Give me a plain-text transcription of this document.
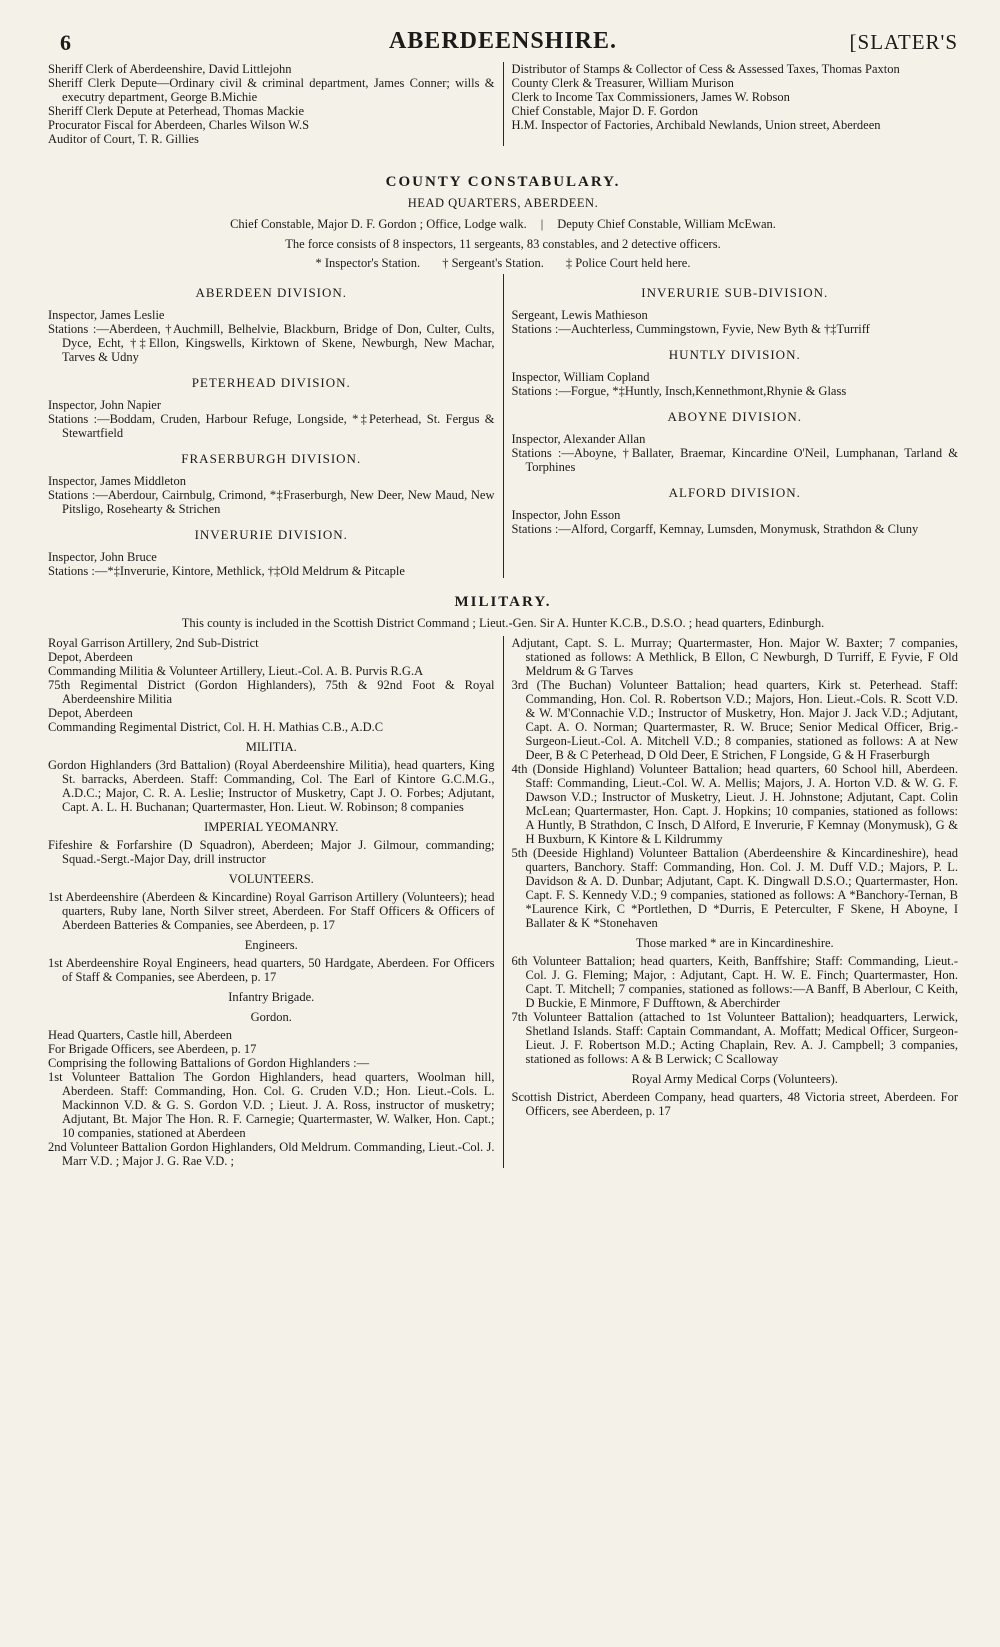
6	ABERDEENSHIRE.	[SLATER'S

Sheriff Clerk of Aberdeenshire, David Littlejohn

Sheriff Clerk Depute—Ordinary civil & criminal department, James Conner; wills & executry department, George B.Michie

Sheriff Clerk Depute at Peterhead, Thomas Mackie

Procurator Fiscal for Aberdeen, Charles Wilson W.S

Auditor of Court, T. R. Gillies

Distributor of Stamps & Collector of Cess & Assessed Taxes, Thomas Paxton

County Clerk & Treasurer, William Murison

Clerk to Income Tax Commissioners, James W. Robson

Chief Constable, Major D. F. Gordon

H.M. Inspector of Factories, Archibald Newlands, Union street, Aberdeen

COUNTY CONSTABULARY.
HEAD QUARTERS, ABERDEEN.
Chief Constable, Major D. F. Gordon ; Office, Lodge walk. | Deputy Chief Constable, William McEwan.
The force consists of 8 inspectors, 11 sergeants, 83 constables, and 2 detective officers.
* Inspector's Station. † Sergeant's Station. ‡ Police Court held here.
ABERDEEN DIVISION.

Inspector, James Leslie

Stations :—Aberdeen, †Auchmill, Belhelvie, Blackburn, Bridge of Don, Culter, Cults, Dyce, Echt, †‡Ellon, Kingswells, Kirktown of Skene, Newburgh, New Machar, Tarves & Udny

PETERHEAD DIVISION.

Inspector, John Napier

Stations :—Boddam, Cruden, Harbour Refuge, Longside, *‡Peterhead, St. Fergus & Stewartfield

FRASERBURGH DIVISION.

Inspector, James Middleton

Stations :—Aberdour, Cairnbulg, Crimond, *‡Fraserburgh, New Deer, New Maud, New Pitsligo, Rosehearty & Strichen

INVERURIE DIVISION.

Inspector, John Bruce

Stations :—*‡Inverurie, Kintore, Methlick, †‡Old Meldrum & Pitcaple

INVERURIE SUB-DIVISION.

Sergeant, Lewis Mathieson

Stations :—Auchterless, Cummingstown, Fyvie, New Byth & †‡Turriff

HUNTLY DIVISION.

Inspector, William Copland

Stations :—Forgue, *‡Huntly, Insch,Kennethmont,Rhynie & Glass

ABOYNE DIVISION.

Inspector, Alexander Allan

Stations :—Aboyne, †Ballater, Braemar, Kincardine O'Neil, Lumphanan, Tarland & Torphines

ALFORD DIVISION.

Inspector, John Esson

Stations :—Alford, Corgarff, Kemnay, Lumsden, Monymusk, Strathdon & Cluny

MILITARY.
This county is included in the Scottish District Command ; Lieut.-Gen. Sir A. Hunter K.C.B., D.S.O. ; head quarters, Edinburgh.

Royal Garrison Artillery, 2nd Sub-District

Depot, Aberdeen

Commanding Militia & Volunteer Artillery, Lieut.-Col. A. B. Purvis R.G.A

75th Regimental District (Gordon Highlanders), 75th & 92nd Foot & Royal Aberdeenshire Militia

Depot, Aberdeen

Commanding Regimental District, Col. H. H. Mathias C.B., A.D.C

MILITIA.

Gordon Highlanders (3rd Battalion) (Royal Aberdeenshire Militia), head quarters, King St. barracks, Aberdeen. Staff: Commanding, Col. The Earl of Kintore G.C.M.G., A.D.C.; Major, C. R. A. Leslie; Instructor of Musketry, Capt J. O. Forbes; Adjutant, Capt. A. L. H. Buchanan; Quartermaster, Hon. Lieut. W. Robinson; 8 companies

IMPERIAL YEOMANRY.

Fifeshire & Forfarshire (D Squadron), Aberdeen; Major J. Gilmour, commanding; Squad.-Sergt.-Major Day, drill instructor

VOLUNTEERS.

1st Aberdeenshire (Aberdeen & Kincardine) Royal Garrison Artillery (Volunteers); head quarters, Ruby lane, North Silver street, Aberdeen. For Staff Officers & Officers of Aberdeen Batteries & Companies, see Aberdeen, p. 17

Engineers.

1st Aberdeenshire Royal Engineers, head quarters, 50 Hardgate, Aberdeen. For Officers of Staff & Companies, see Aberdeen, p. 17

Infantry Brigade.
Gordon.

Head Quarters, Castle hill, Aberdeen

For Brigade Officers, see Aberdeen, p. 17

Comprising the following Battalions of Gordon Highlanders :—

1st Volunteer Battalion The Gordon Highlanders, head quarters, Woolman hill, Aberdeen. Staff: Commanding, Hon. Col. G. Cruden V.D.; Hon. Lieut.-Cols. L. Mackinnon V.D. & G. S. Gordon V.D. ; Lieut. J. A. Ross, instructor of musketry; Adjutant, Bt. Major The Hon. R. F. Carnegie; Quartermaster, W. Walker, Hon. Capt.; 10 companies, stationed at Aberdeen

2nd Volunteer Battalion Gordon Highlanders, Old Meldrum. Commanding, Lieut.-Col. J. Marr V.D. ; Major J. G. Rae V.D. ;

Adjutant, Capt. S. L. Murray; Quartermaster, Hon. Major W. Baxter; 7 companies, stationed as follows: A Methlick, B Ellon, C Newburgh, D Turriff, E Fyvie, F Old Meldrum & G Tarves

3rd (The Buchan) Volunteer Battalion; head quarters, Kirk st. Peterhead. Staff: Commanding, Hon. Col. R. Robertson V.D.; Majors, Hon. Lieut.-Cols. R. Scott V.D. & W. M'Connachie V.D.; Instructor of Musketry, Hon. Major J. Jack V.D.; Adjutant, Capt. A. O. Norman; Quartermaster, R. W. Bruce; Senior Medical Officer, Brig.-Surgeon-Lieut.-Col. A. Mitchell V.D.; 8 companies, stationed as follows: A at New Deer, B & C Peterhead, D Old Deer, E Strichen, F Longside, G & H Fraserburgh

4th (Donside Highland) Volunteer Battalion; head quarters, 60 School hill, Aberdeen. Staff: Commanding, Lieut.-Col. W. A. Mellis; Majors, J. A. Horton V.D. & W. G. F. Dawson V.D.; Instructor of Musketry, Lieut. J. H. Johnstone; Adjutant, Capt. Colin McLean; Quartermaster, Hon. Capt. J. Hopkins; 10 companies, stationed as follows: A Huntly, B Strathdon, C Insch, D Alford, E Inverurie, F Kemnay (Monymusk), G & H Buxburn, K Kintore & L Kildrummy

5th (Deeside Highland) Volunteer Battalion (Aberdeenshire & Kincardineshire), head quarters, Banchory. Staff: Commanding, Hon. Col. J. M. Duff V.D.; Majors, P. L. Davidson & A. D. Dunbar; Adjutant, Capt. K. Dingwall D.S.O.; Quartermaster, Hon. Capt. F. S. Kennedy V.D.; 9 companies, stationed as follows: A *Banchory-Ternan, B *Laurence Kirk, C *Portlethen, D *Durris, E Peterculter, F Skene, H Aboyne, I Ballater & K *Stonehaven

Those marked * are in Kincardineshire.

6th Volunteer Battalion; head quarters, Keith, Banffshire; Staff: Commanding, Lieut.-Col. J. G. Fleming; Major, : Adjutant, Capt. H. W. E. Finch; Quartermaster, Hon. Capt. T. Mitchell; 7 companies, stationed as follows:—A Banff, B Aberlour, C Keith, D Buckie, E Minmore, F Dufftown, & Aberchirder

7th Volunteer Battalion (attached to 1st Volunteer Battalion); headquarters, Lerwick, Shetland Islands. Staff: Captain Commandant, A. Moffatt; Medical Officer, Surgeon-Lieut. J. F. Robertson M.D.; Acting Chaplain, Rev. A. J. Campbell; 3 companies, stationed as follows: A & B Lerwick; C Scalloway

Royal Army Medical Corps (Volunteers).

Scottish District, Aberdeen Company, head quarters, 48 Victoria street, Aberdeen. For Officers, see Aberdeen, p. 17
